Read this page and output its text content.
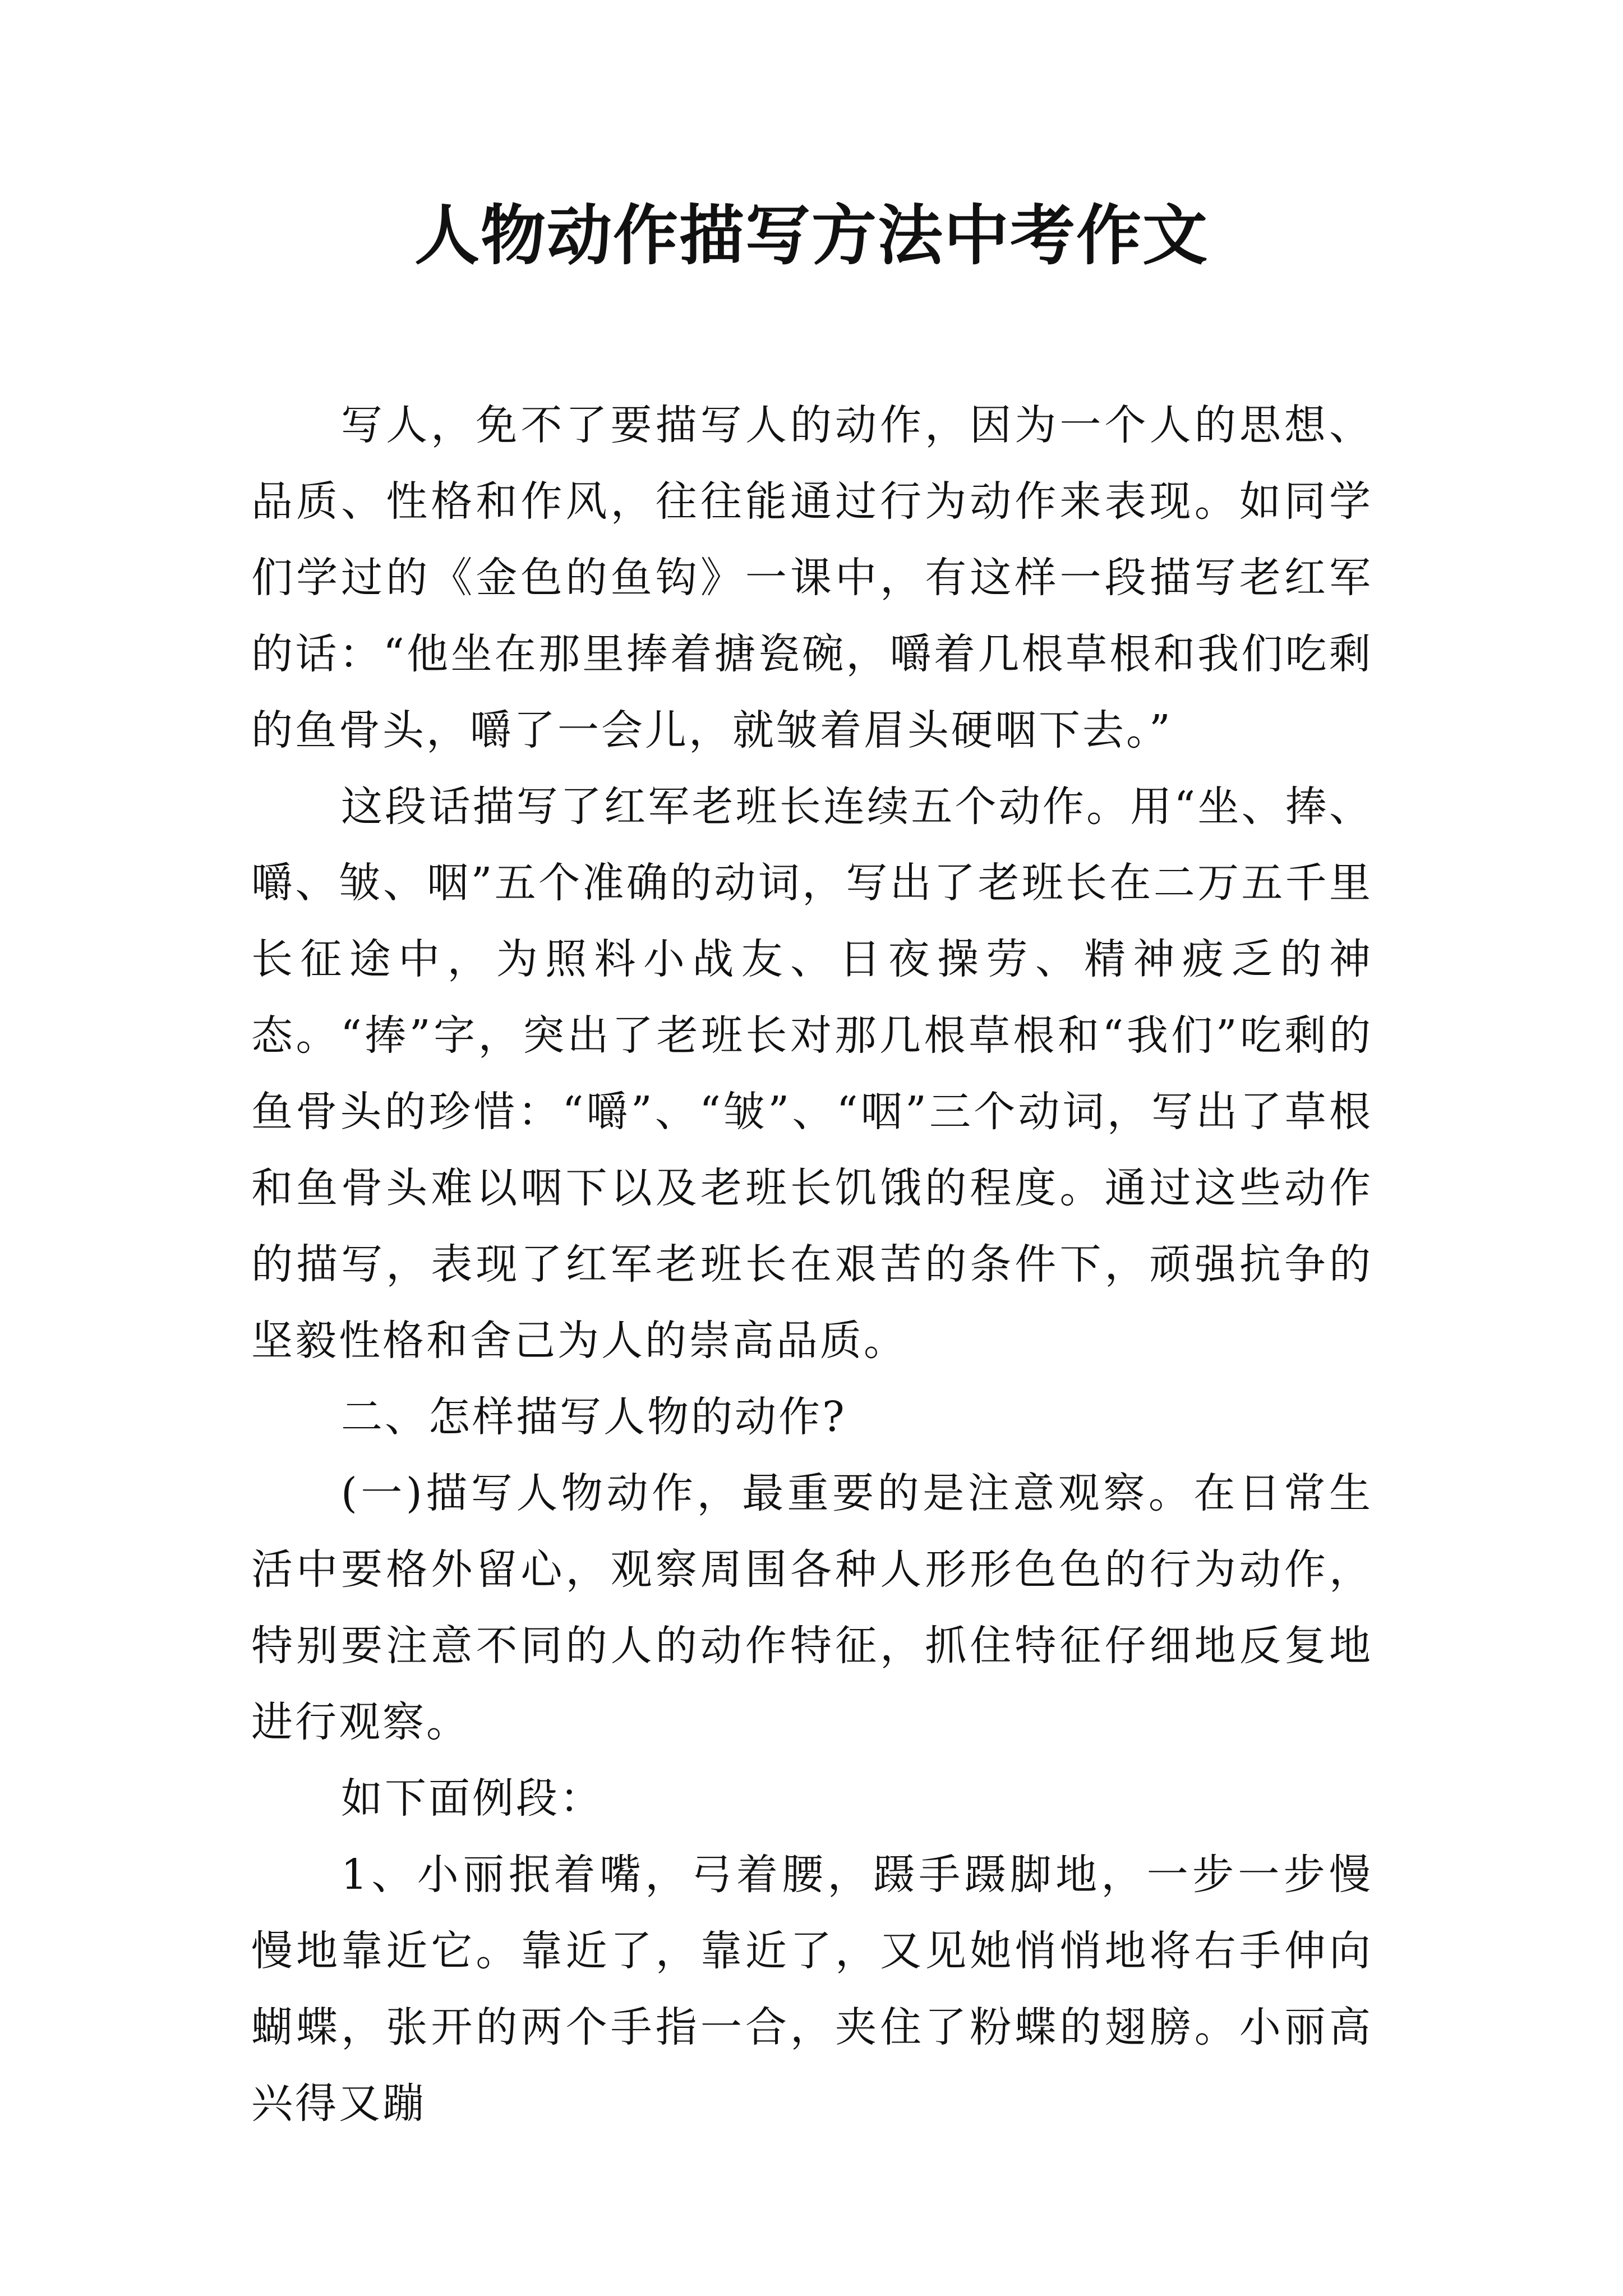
人物动作描写方法中考作文

写人，免不了要描写人的动作，因为一个人的思想、品质、性格和作风，往往能通过行为动作来表现。如同学们学过的《金色的鱼钩》一课中，有这样一段描写老红军的话：“他坐在那里捧着搪瓷碗，嚼着几根草根和我们吃剩的鱼骨头，嚼了一会儿，就皱着眉头硬咽下去。”

这段话描写了红军老班长连续五个动作。用“坐、捧、嚼、皱、咽”五个准确的动词，写出了老班长在二万五千里长征途中，为照料小战友、日夜操劳、精神疲乏的神态。“捧”字，突出了老班长对那几根草根和“我们”吃剩的鱼骨头的珍惜：“嚼”、“皱”、“咽”三个动词，写出了草根和鱼骨头难以咽下以及老班长饥饿的程度。通过这些动作的描写，表现了红军老班长在艰苦的条件下，顽强抗争的坚毅性格和舍己为人的崇高品质。

二、怎样描写人物的动作?

(一)描写人物动作，最重要的是注意观察。在日常生活中要格外留心，观察周围各种人形形色色的行为动作，特别要注意不同的人的动作特征，抓住特征仔细地反复地进行观察。

如下面例段：

1、小丽抿着嘴，弓着腰，蹑手蹑脚地，一步一步慢慢地靠近它。靠近了，靠近了，又见她悄悄地将右手伸向蝴蝶，张开的两个手指一合，夹住了粉蝶的翅膀。小丽高兴得又蹦
